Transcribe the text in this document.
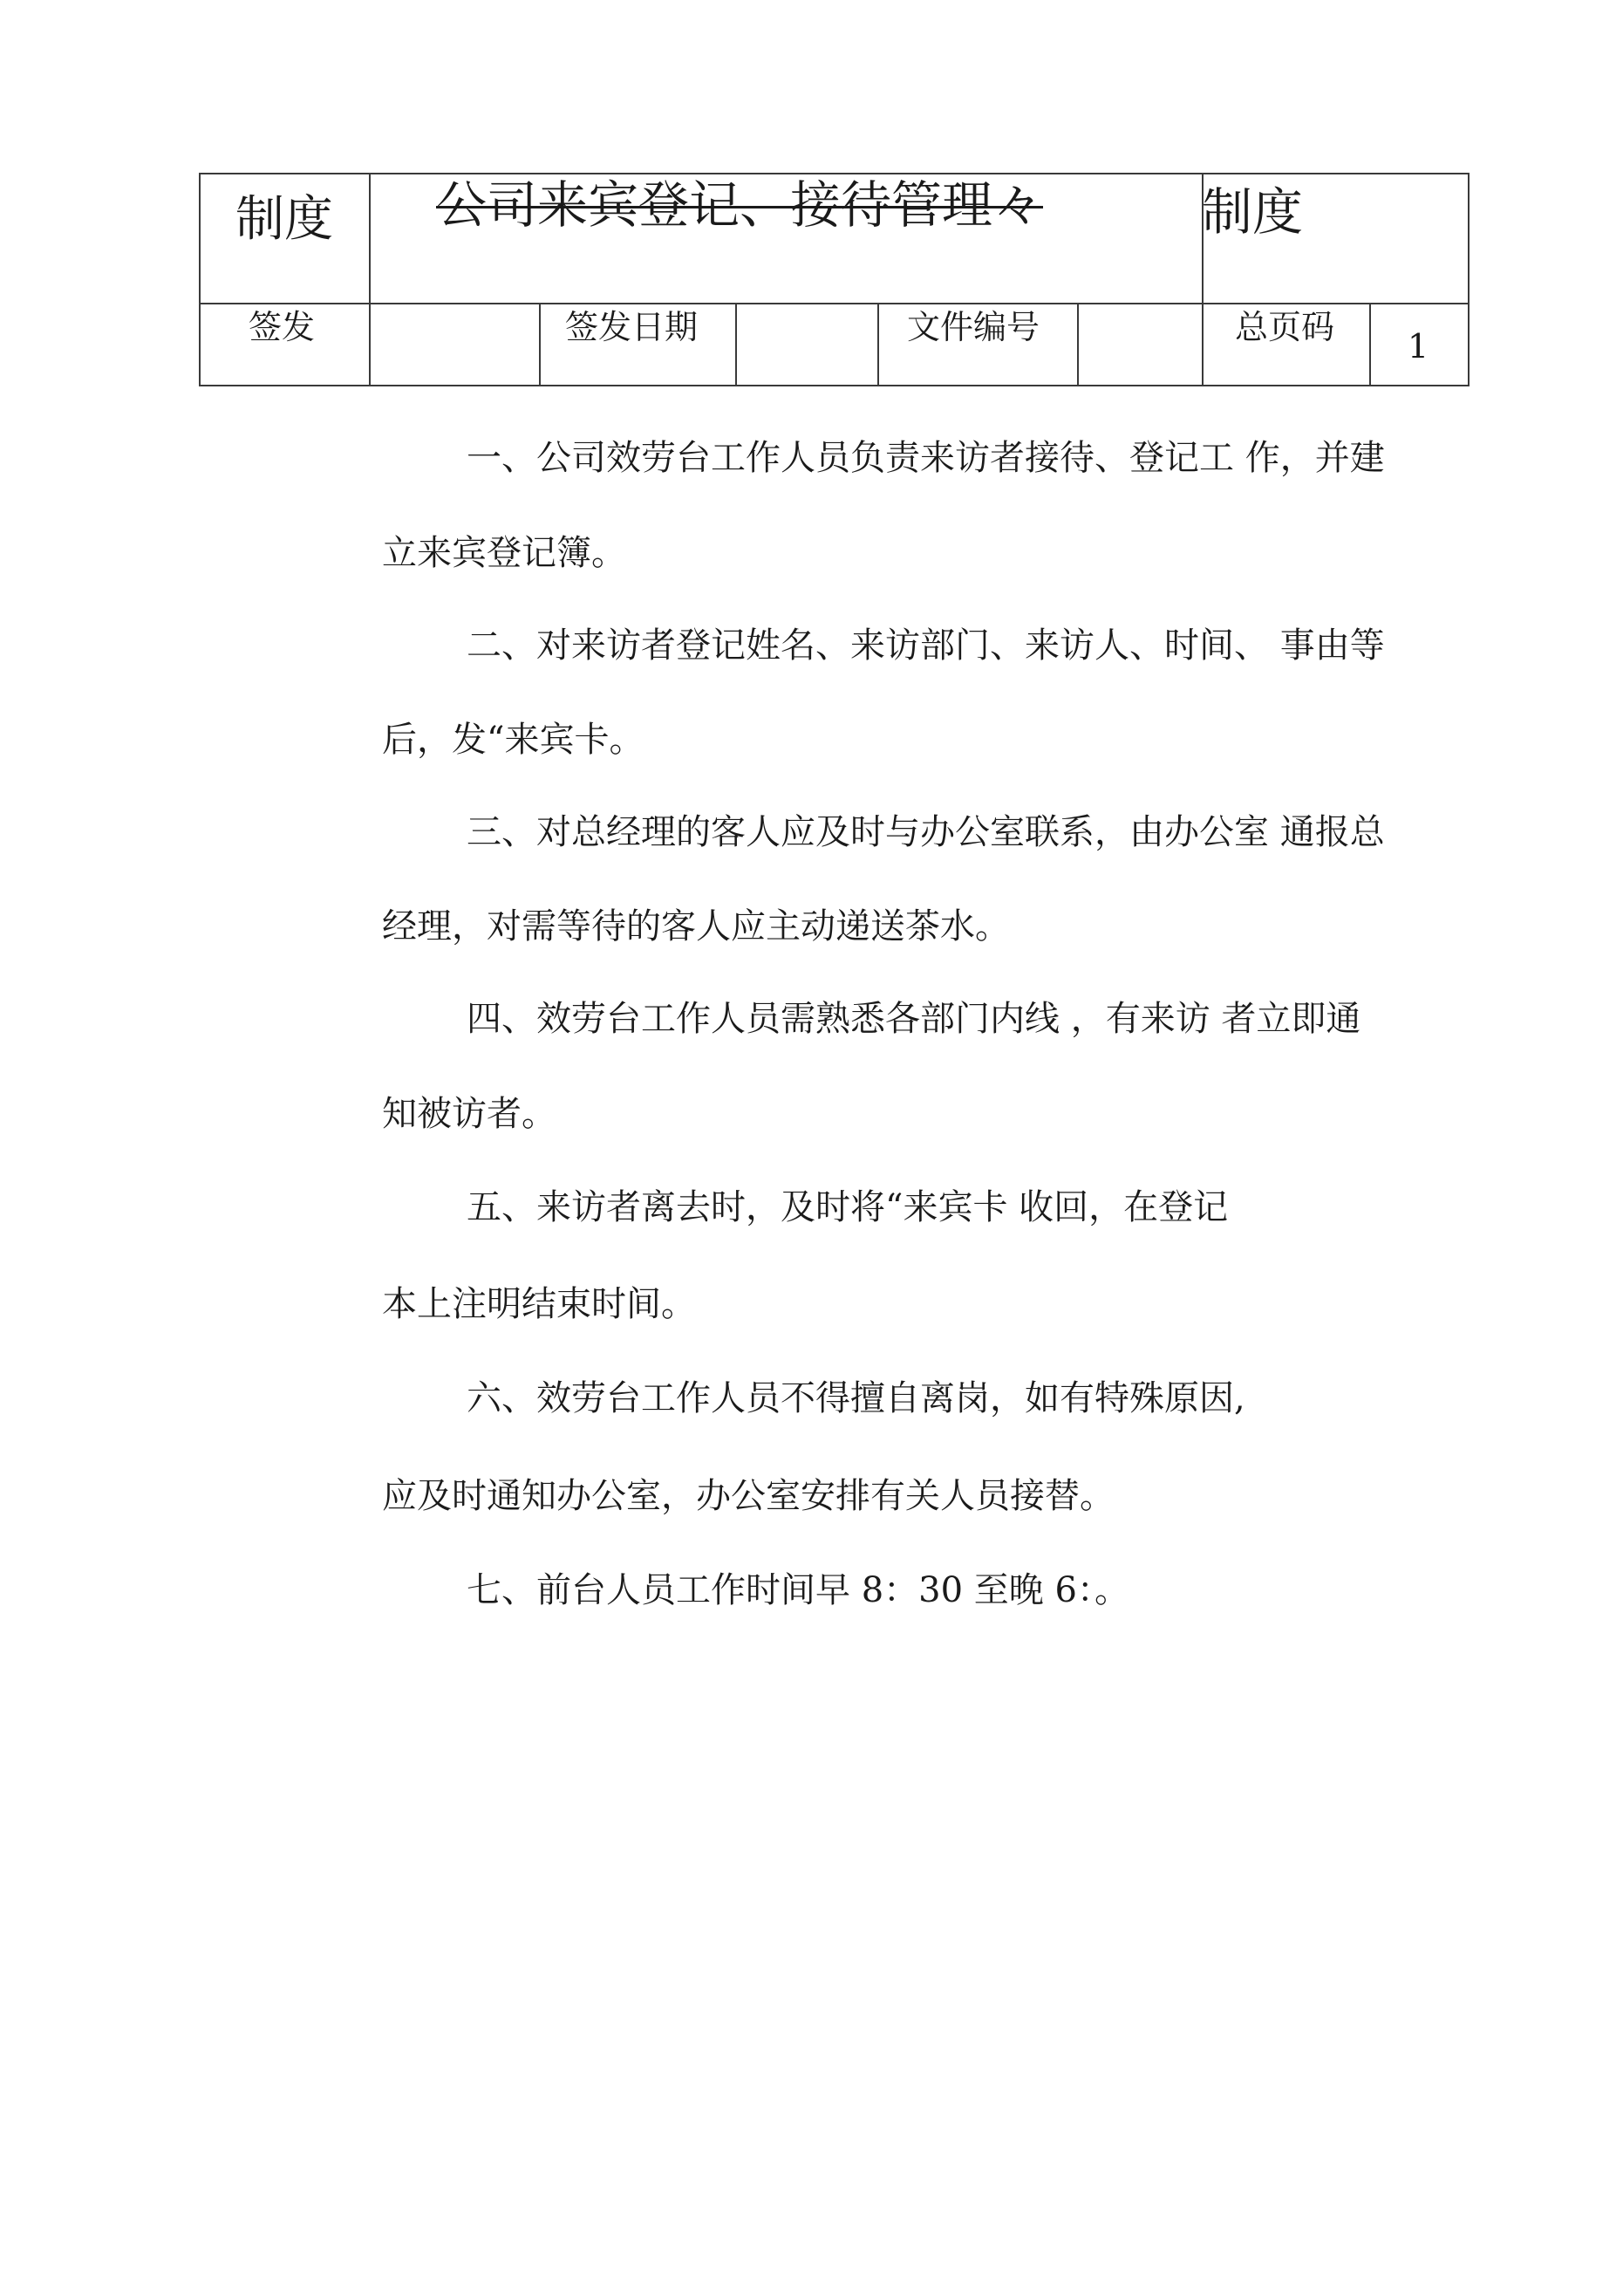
制度 公司来宾登记、接待管理々	制度
签发	签发日期	文件编号	总页码 1
一、公司效劳台工作人员负责来访者接待、登记工 作，并建
立来宾登记簿。
二、对来访者登记姓名、来访部门、来访人、时间、 事由等
后，发“来宾卡。
三、对总经理的客人应及时与办公室联系，由办公室 通报总
经理，对需等待的客人应主动递送茶水。
四、效劳台工作人员需熟悉各部门内线 ，有来访 者立即通
知被访者。
五、来访者离去时，及时将“来宾卡 收回，在登记
本上注明结束时间。
六、效劳台工作人员不得擅自离岗，如有特殊原因,
应及时通知办公室，办公室安排有关人员接替。
七、前台人员工作时间早 8：30 至晚 6：。
